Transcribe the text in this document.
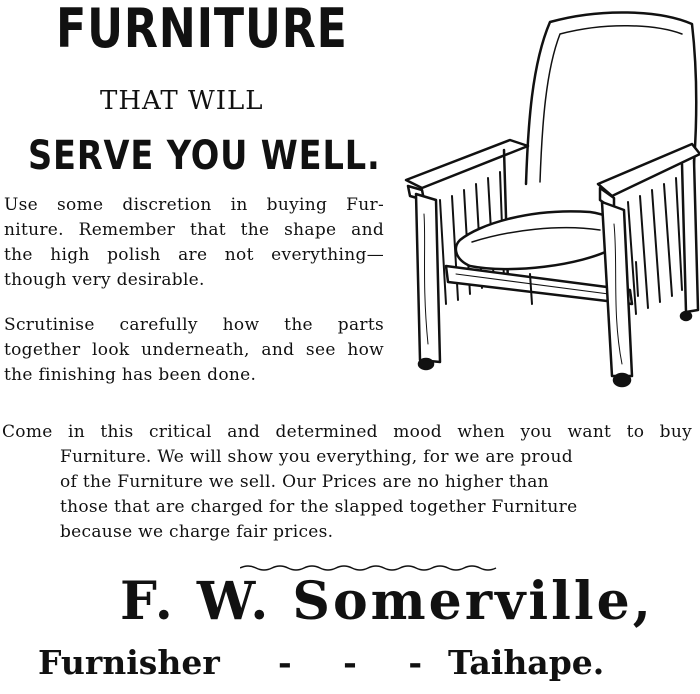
FURNITURE
THAT WILL
SERVE YOU WELL.
Use some discretion in buying Fur-
niture. Remember that the shape and
the high polish are not everything—
though very desirable.
Scrutinise carefully how the parts
together look underneath, and see how
the finishing has been done.
Come in this critical and determined mood when you want to buy
Furniture. We will show you everything, for we are proud
of the Furniture we sell. Our Prices are no higher than
those that are charged for the slapped together Furniture
because we charge fair prices.
F. W. Somerville,
Furnisher - - - Taihape.
